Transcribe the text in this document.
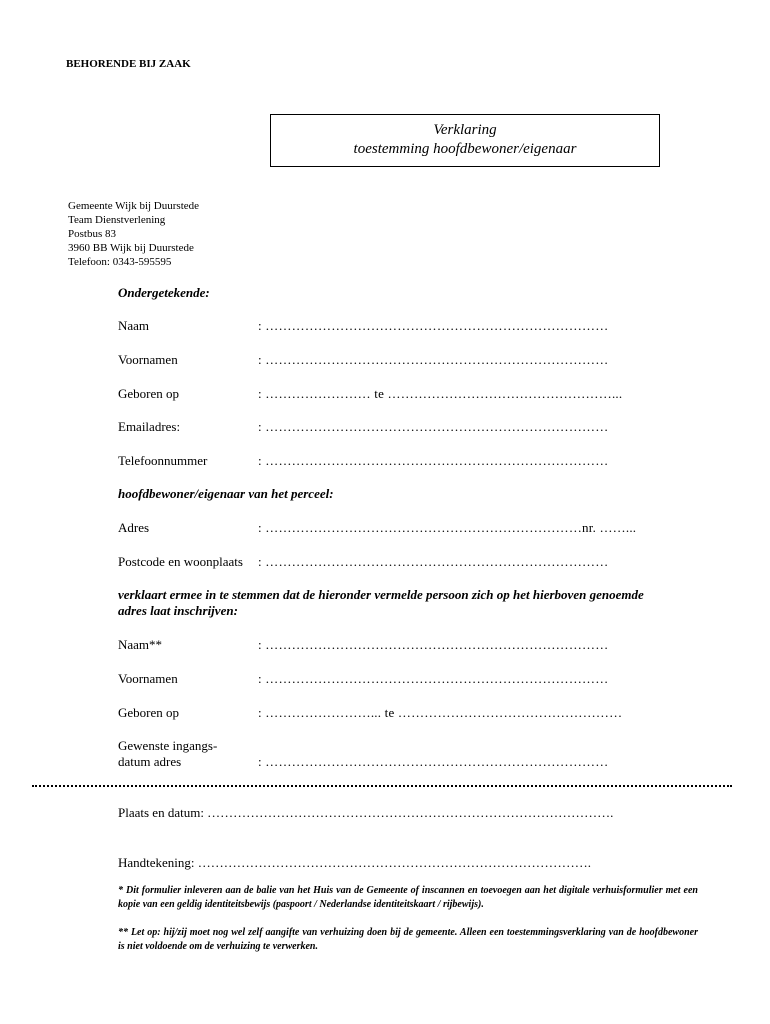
BEHORENDE BIJ ZAAK
Verklaring
toestemming hoofdbewoner/eigenaar
Gemeente Wijk bij Duurstede
Team Dienstverlening
Postbus 83
3960 BB Wijk bij Duurstede
Telefoon: 0343-595595
Ondergetekende:
Naam	: ……………………………………………………………………
Voornamen	: ……………………………………………………………………
Geboren op	: …………………… te ……………………………………………...
Emailadres:	: ……………………………………………………………………
Telefoonnummer	: ……………………………………………………………………
hoofdbewoner/eigenaar van het perceel:
Adres	: ………………………………………………………………nr. ……...
Postcode en woonplaats : ……………………………………………………………………
verklaart ermee in te stemmen dat de hieronder vermelde persoon zich op het hierboven genoemde
adres laat inschrijven:
Naam**	: ……………………………………………………………………
Voornamen	: ……………………………………………………………………
Geboren op	: ……………………... te ……………………………………………
Gewenste ingangs-
datum adres	: ……………………………………………………………………
Plaats en datum: ………………………………………………………………………………….
Handtekening: ……………………………………………………………………………….
* Dit formulier inleveren aan de balie van het Huis van de Gemeente of inscannen en toevoegen aan het digitale verhuisformulier met een kopie van een geldig identiteitsbewijs (paspoort / Nederlandse identiteitskaart / rijbewijs).
** Let op: hij/zij moet nog wel zelf aangifte van verhuizing doen bij de gemeente. Alleen een toestemmingsverklaring van de hoofdbewoner is niet voldoende om de verhuizing te verwerken.
